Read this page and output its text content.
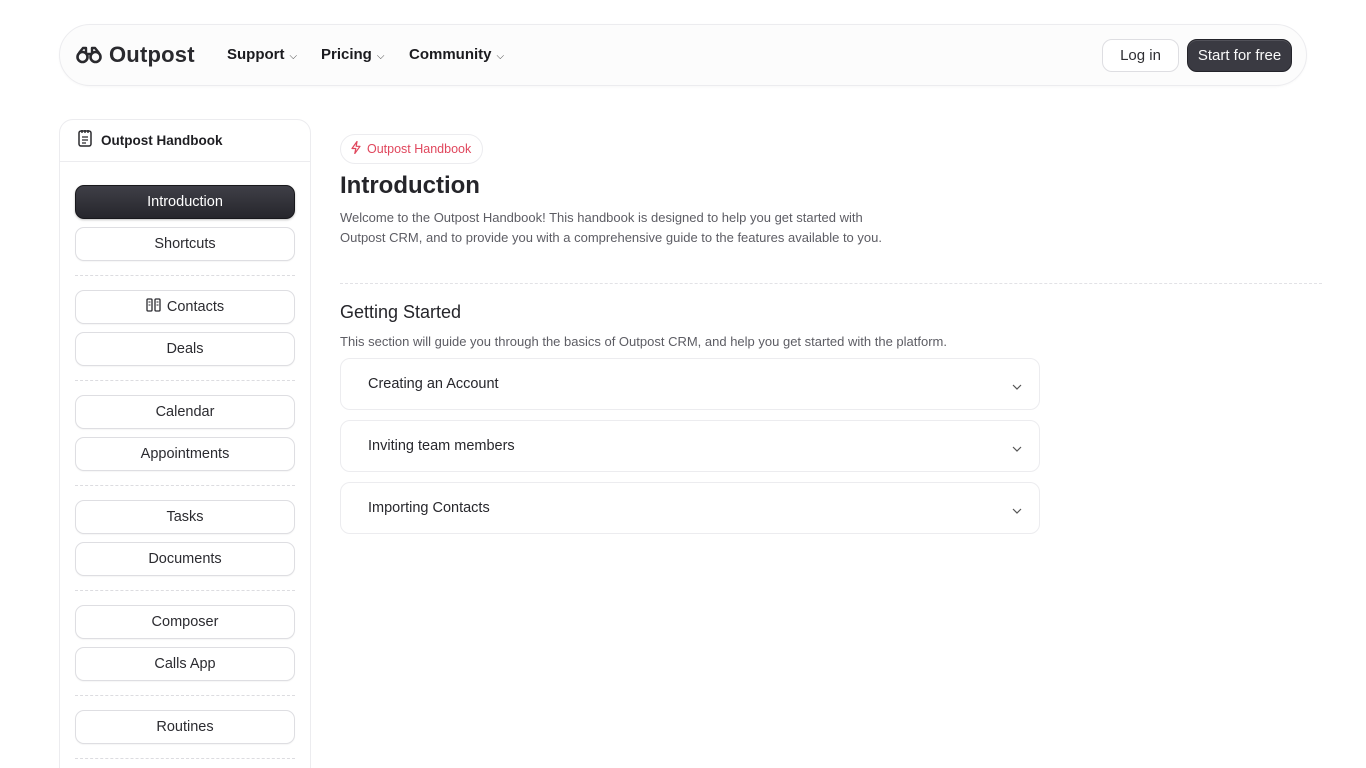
Outpost Support ⌵ Pricing ⌵ Community ⌵	Log in	Start for free
Outpost Handbook
Introduction
Shortcuts
Contacts
Deals
Calendar
Appointments
Tasks
Documents
Composer
Calls App
Routines
Outpost Handbook
Introduction

Welcome to the Outpost Handbook! This handbook is designed to help you get started with Outpost CRM, and to provide you with a comprehensive guide to the features available to you.

Getting Started

This section will guide you through the basics of Outpost CRM, and help you get started with the platform.

Creating an Account
Inviting team members
Importing Contacts
